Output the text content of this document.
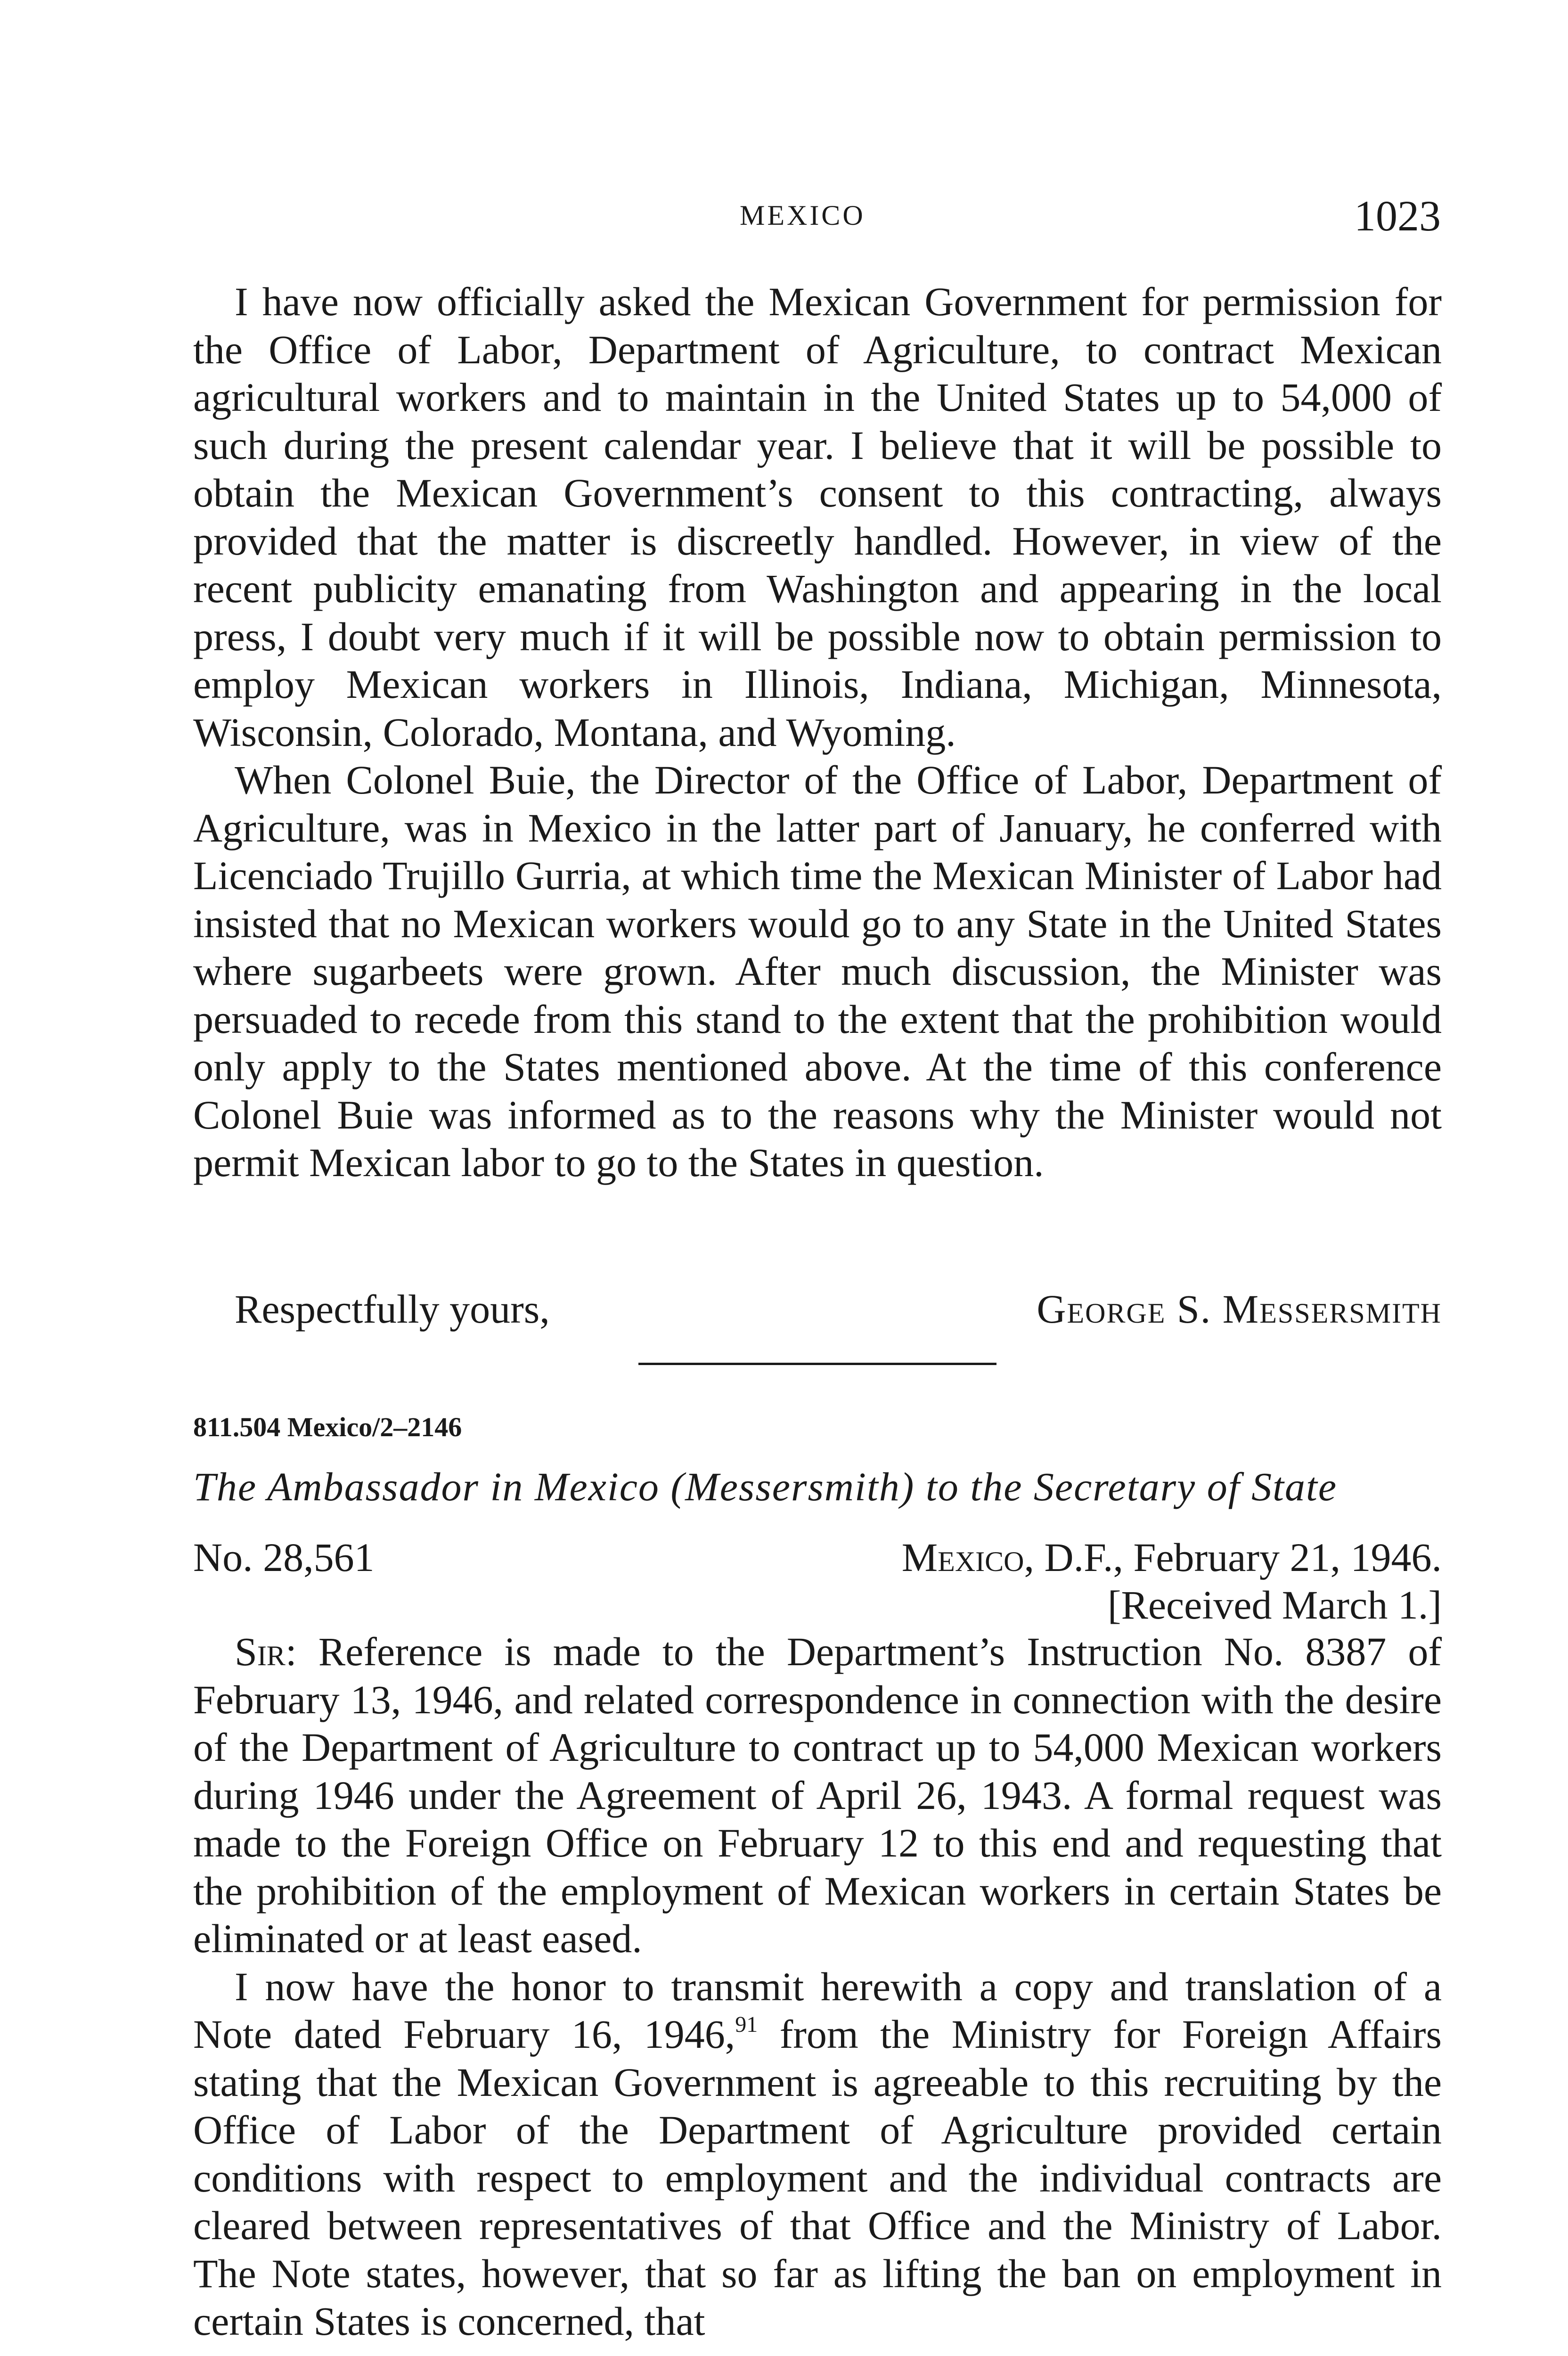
MEXICO	1023

I have now officially asked the Mexican Government for permission for the Office of Labor, Department of Agriculture, to contract Mexican agricultural workers and to maintain in the United States up to 54,000 of such during the present calendar year. I believe that it will be possible to obtain the Mexican Government’s consent to this contracting, always provided that the matter is discreetly handled. However, in view of the recent publicity emanating from Washington and appearing in the local press, I doubt very much if it will be possible now to obtain permission to employ Mexican workers in Illinois, Indiana, Michigan, Minnesota, Wisconsin, Colorado, Montana, and Wyoming.

When Colonel Buie, the Director of the Office of Labor, Department of Agriculture, was in Mexico in the latter part of January, he conferred with Licenciado Trujillo Gurria, at which time the Mexican Minister of Labor had insisted that no Mexican workers would go to any State in the United States where sugarbeets were grown. After much discussion, the Minister was persuaded to recede from this stand to the extent that the prohibition would only apply to the States mentioned above. At the time of this conference Colonel Buie was informed as to the reasons why the Minister would not permit Mexican labor to go to the States in question.

Respectfully yours,	George S. Messersmith
811.504 Mexico/2–2146
The Ambassador in Mexico (Messersmith) to the Secretary of State
No. 28,561	Mexico, D.F., February 21, 1946.
[Received March 1.]

Sir: Reference is made to the Department’s Instruction No. 8387 of February 13, 1946, and related correspondence in connection with the desire of the Department of Agriculture to contract up to 54,000 Mexican workers during 1946 under the Agreement of April 26, 1943. A formal request was made to the Foreign Office on February 12 to this end and requesting that the prohibition of the employment of Mexican workers in certain States be eliminated or at least eased.

I now have the honor to transmit herewith a copy and translation of a Note dated February 16, 1946,91 from the Ministry for Foreign Affairs stating that the Mexican Government is agreeable to this recruiting by the Office of Labor of the Department of Agriculture provided certain conditions with respect to employment and the individual contracts are cleared between representatives of that Office and the Ministry of Labor. The Note states, however, that so far as lifting the ban on employment in certain States is concerned, that
